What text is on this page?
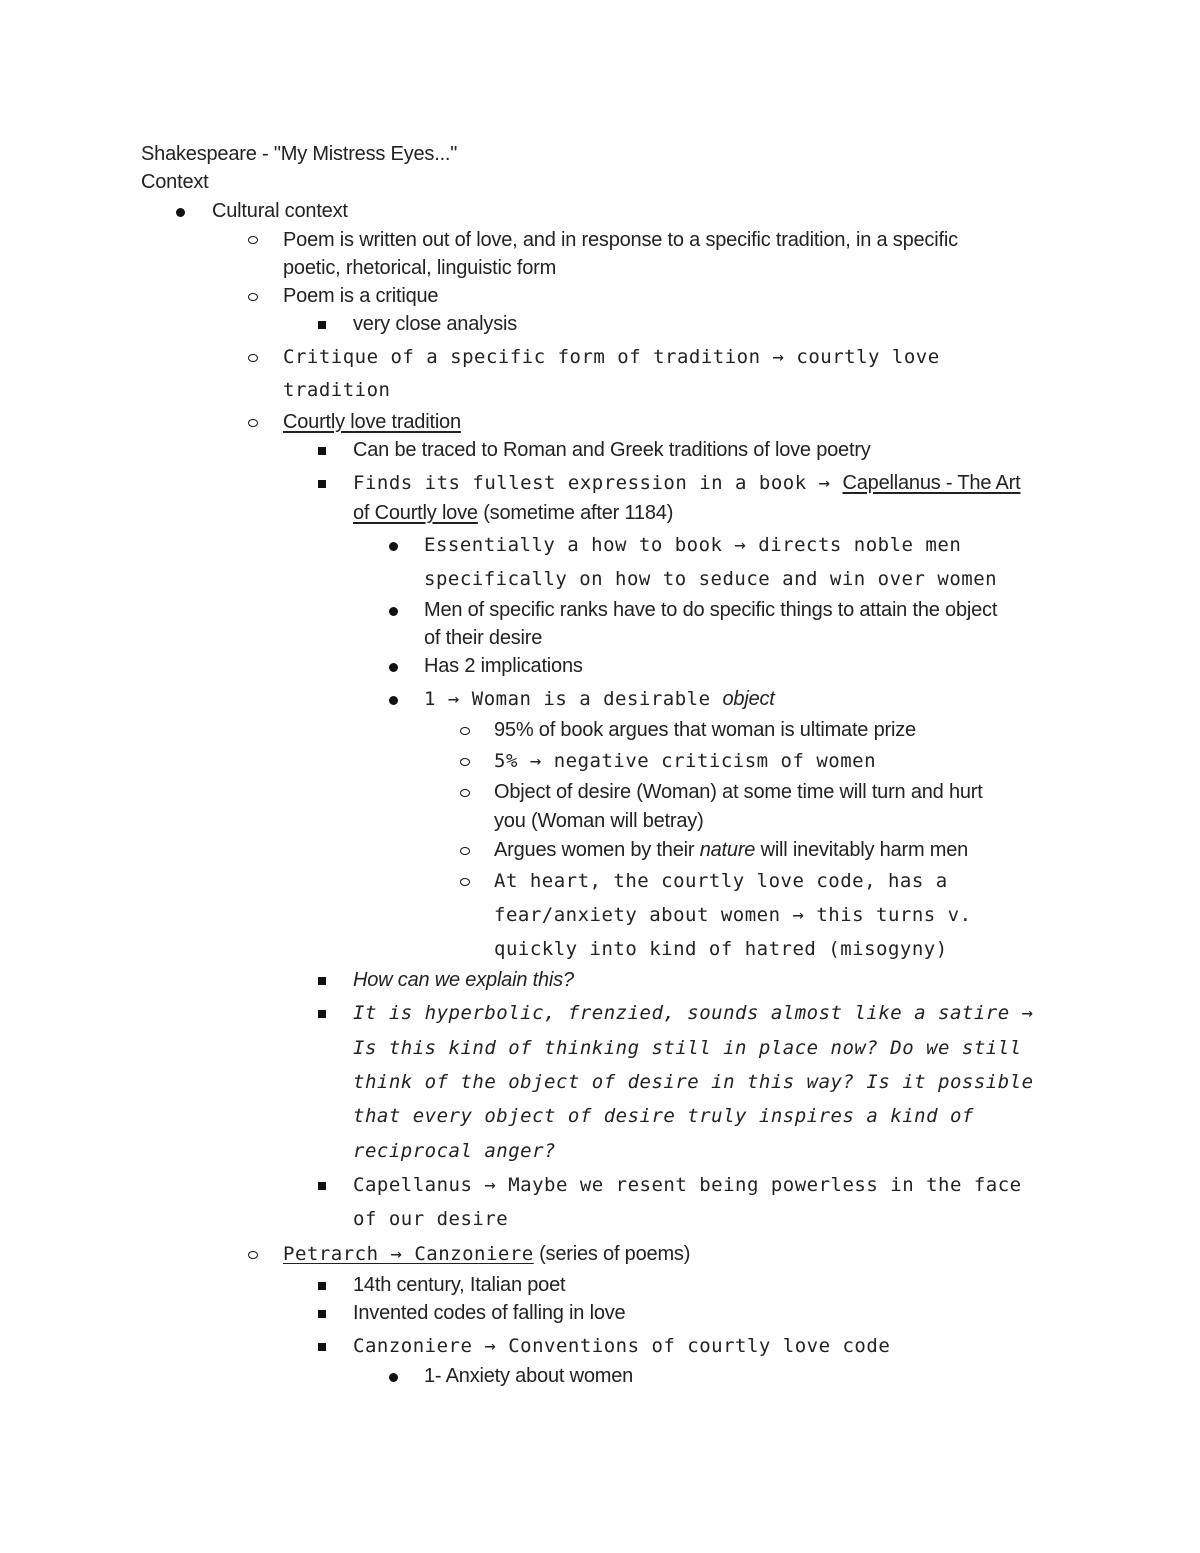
Shakespeare - "My Mistress Eyes..."
Context
Cultural context
Poem is written out of love, and in response to a specific tradition, in a specific
poetic, rhetorical, linguistic form
Poem is a critique
very close analysis
Critique of a specific form of tradition → courtly love
tradition
Courtly love tradition
Can be traced to Roman and Greek traditions of love poetry
Finds its fullest expression in a book → Capellanus - The Art
of Courtly love (sometime after 1184)
Essentially a how to book → directs noble men
specifically on how to seduce and win over women
Men of specific ranks have to do specific things to attain the object
of their desire
Has 2 implications
1 → Woman is a desirable object
95% of book argues that woman is ultimate prize
5% → negative criticism of women
Object of desire (Woman) at some time will turn and hurt
you (Woman will betray)
Argues women by their nature will inevitably harm men
At heart, the courtly love code, has a
fear/anxiety about women → this turns v.
quickly into kind of hatred (misogyny)
How can we explain this?
It is hyperbolic, frenzied, sounds almost like a satire →
Is this kind of thinking still in place now? Do we still
think of the object of desire in this way? Is it possible
that every object of desire truly inspires a kind of
reciprocal anger?
Capellanus → Maybe we resent being powerless in the face
of our desire
Petrarch → Canzoniere (series of poems)
14th century, Italian poet
Invented codes of falling in love
Canzoniere → Conventions of courtly love code
1- Anxiety about women
